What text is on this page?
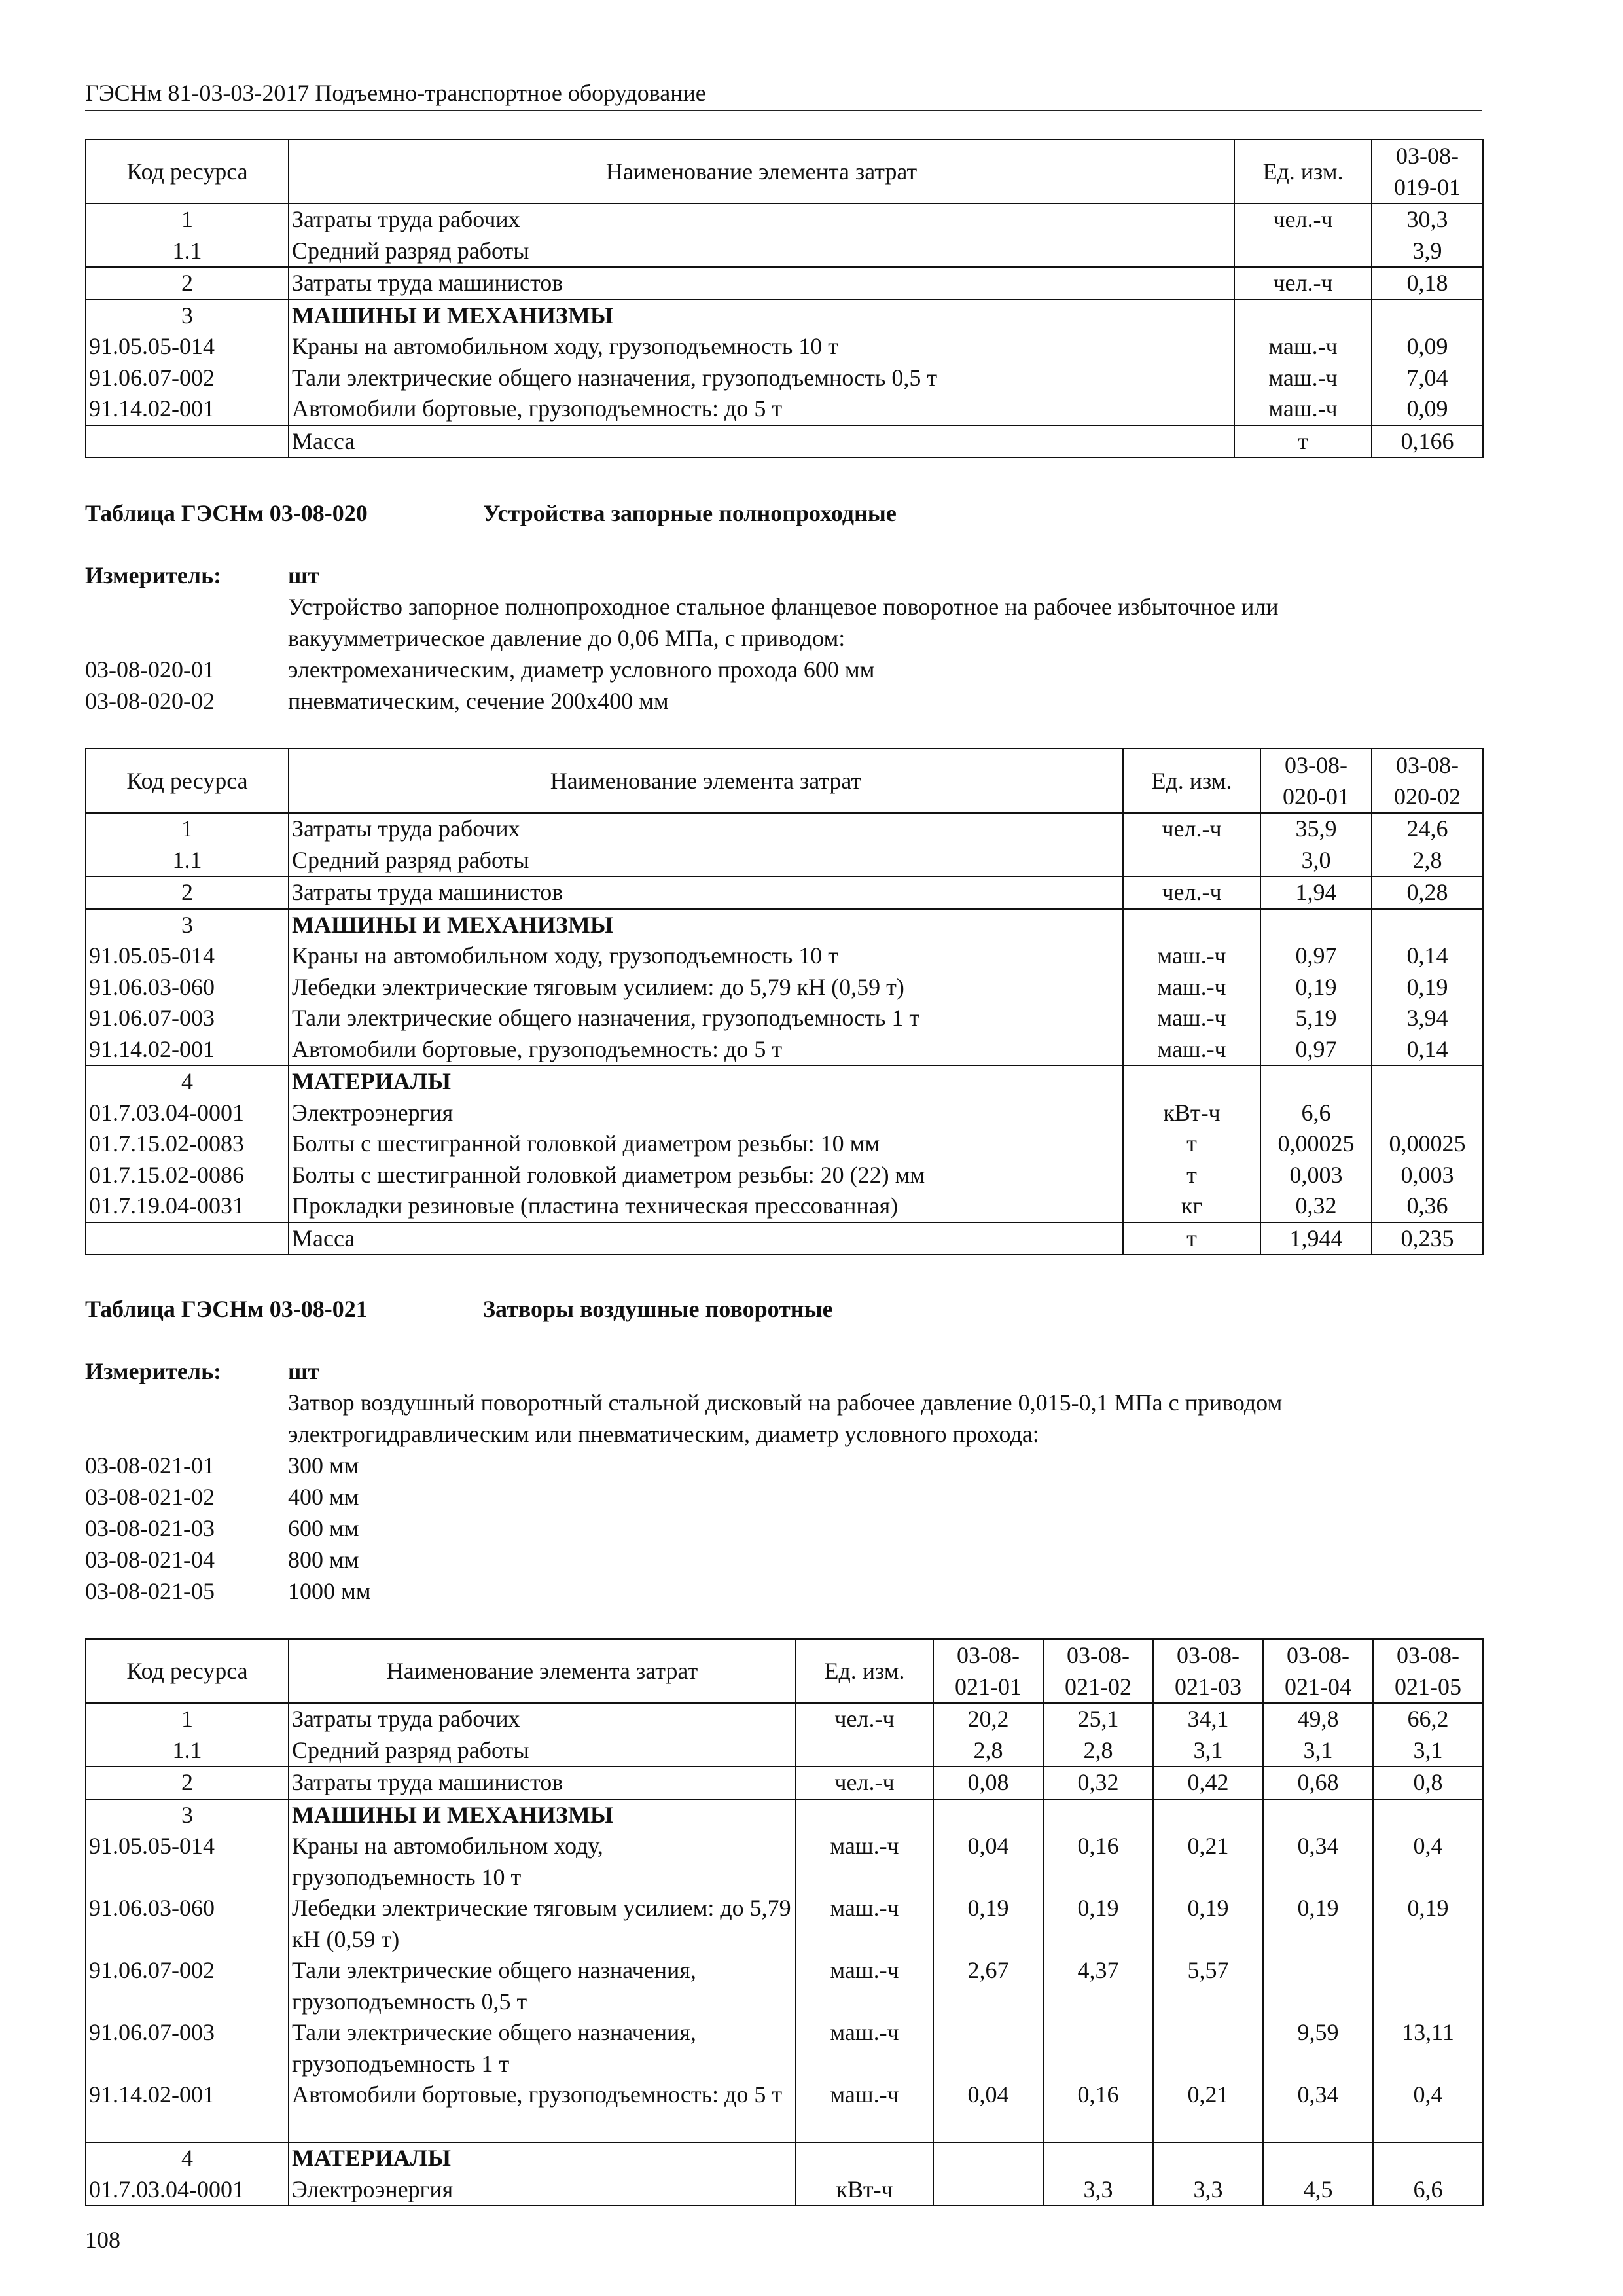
ГЭСНм 81-03-03-2017 Подъемно-транспортное оборудование
Код ресурса	Наименование элемента затрат	Ед. изм.	03-08-019-01
1	Затраты труда рабочих	чел.-ч	30,3
1.1	Средний разряд работы		3,9
2	Затраты труда машинистов	чел.-ч	0,18
3	МАШИНЫ И МЕХАНИЗМЫ		
91.05.05-014	Краны на автомобильном ходу, грузоподъемность 10 т	маш.-ч	0,09
91.06.07-002	Тали электрические общего назначения, грузоподъемность 0,5 т	маш.-ч	7,04
91.14.02-001	Автомобили бортовые, грузоподъемность: до 5 т	маш.-ч	0,09
	Масса	т	0,166
Таблица ГЭСНм 03-08-020	Устройства запорные полнопроходные
Измеритель:	шт
Устройство запорное полнопроходное стальное фланцевое поворотное на рабочее избыточное или
вакуумметрическое давление до 0,06 МПа, с приводом:
03-08-020-01	электромеханическим, диаметр условного прохода 600 мм
03-08-020-02	пневматическим, сечение 200х400 мм
Код ресурса	Наименование элемента затрат	Ед. изм.	03-08-020-01	03-08-020-02
1	Затраты труда рабочих	чел.-ч	35,9	24,6
1.1	Средний разряд работы		3,0	2,8
2	Затраты труда машинистов	чел.-ч	1,94	0,28
3	МАШИНЫ И МЕХАНИЗМЫ			
91.05.05-014	Краны на автомобильном ходу, грузоподъемность 10 т	маш.-ч	0,97	0,14
91.06.03-060	Лебедки электрические тяговым усилием: до 5,79 кН (0,59 т)	маш.-ч	0,19	0,19
91.06.07-003	Тали электрические общего назначения, грузоподъемность 1 т	маш.-ч	5,19	3,94
91.14.02-001	Автомобили бортовые, грузоподъемность: до 5 т	маш.-ч	0,97	0,14
4	МАТЕРИАЛЫ			
01.7.03.04-0001	Электроэнергия	кВт-ч	6,6	
01.7.15.02-0083	Болты с шестигранной головкой диаметром резьбы: 10 мм	т	0,00025	0,00025
01.7.15.02-0086	Болты с шестигранной головкой диаметром резьбы: 20 (22) мм	т	0,003	0,003
01.7.19.04-0031	Прокладки резиновые (пластина техническая прессованная)	кг	0,32	0,36
	Масса	т	1,944	0,235
Таблица ГЭСНм 03-08-021	Затворы воздушные поворотные
Измеритель:	шт
Затвор воздушный поворотный стальной дисковый на рабочее давление 0,015-0,1 МПа с приводом
электрогидравлическим или пневматическим, диаметр условного прохода:
03-08-021-01	300 мм
03-08-021-02	400 мм
03-08-021-03	600 мм
03-08-021-04	800 мм
03-08-021-05	1000 мм
Код ресурса	Наименование элемента затрат	Ед. изм.	03-08-021-01	03-08-021-02	03-08-021-03	03-08-021-04	03-08-021-05
1	Затраты труда рабочих	чел.-ч	20,2	25,1	34,1	49,8	66,2
1.1	Средний разряд работы		2,8	2,8	3,1	3,1	3,1
2	Затраты труда машинистов	чел.-ч	0,08	0,32	0,42	0,68	0,8
3	МАШИНЫ И МЕХАНИЗМЫ						
91.05.05-014	Краны на автомобильном ходу, грузоподъемность 10 т	маш.-ч	0,04	0,16	0,21	0,34	0,4
91.06.03-060	Лебедки электрические тяговым усилием: до 5,79 кН (0,59 т)	маш.-ч	0,19	0,19	0,19	0,19	0,19
91.06.07-002	Тали электрические общего назначения, грузоподъемность 0,5 т	маш.-ч	2,67	4,37	5,57		
91.06.07-003	Тали электрические общего назначения, грузоподъемность 1 т	маш.-ч				9,59	13,11
91.14.02-001	Автомобили бортовые, грузоподъемность: до 5 т	маш.-ч	0,04	0,16	0,21	0,34	0,4
4	МАТЕРИАЛЫ						
01.7.03.04-0001	Электроэнергия	кВт-ч		3,3	3,3	4,5	6,6
108
